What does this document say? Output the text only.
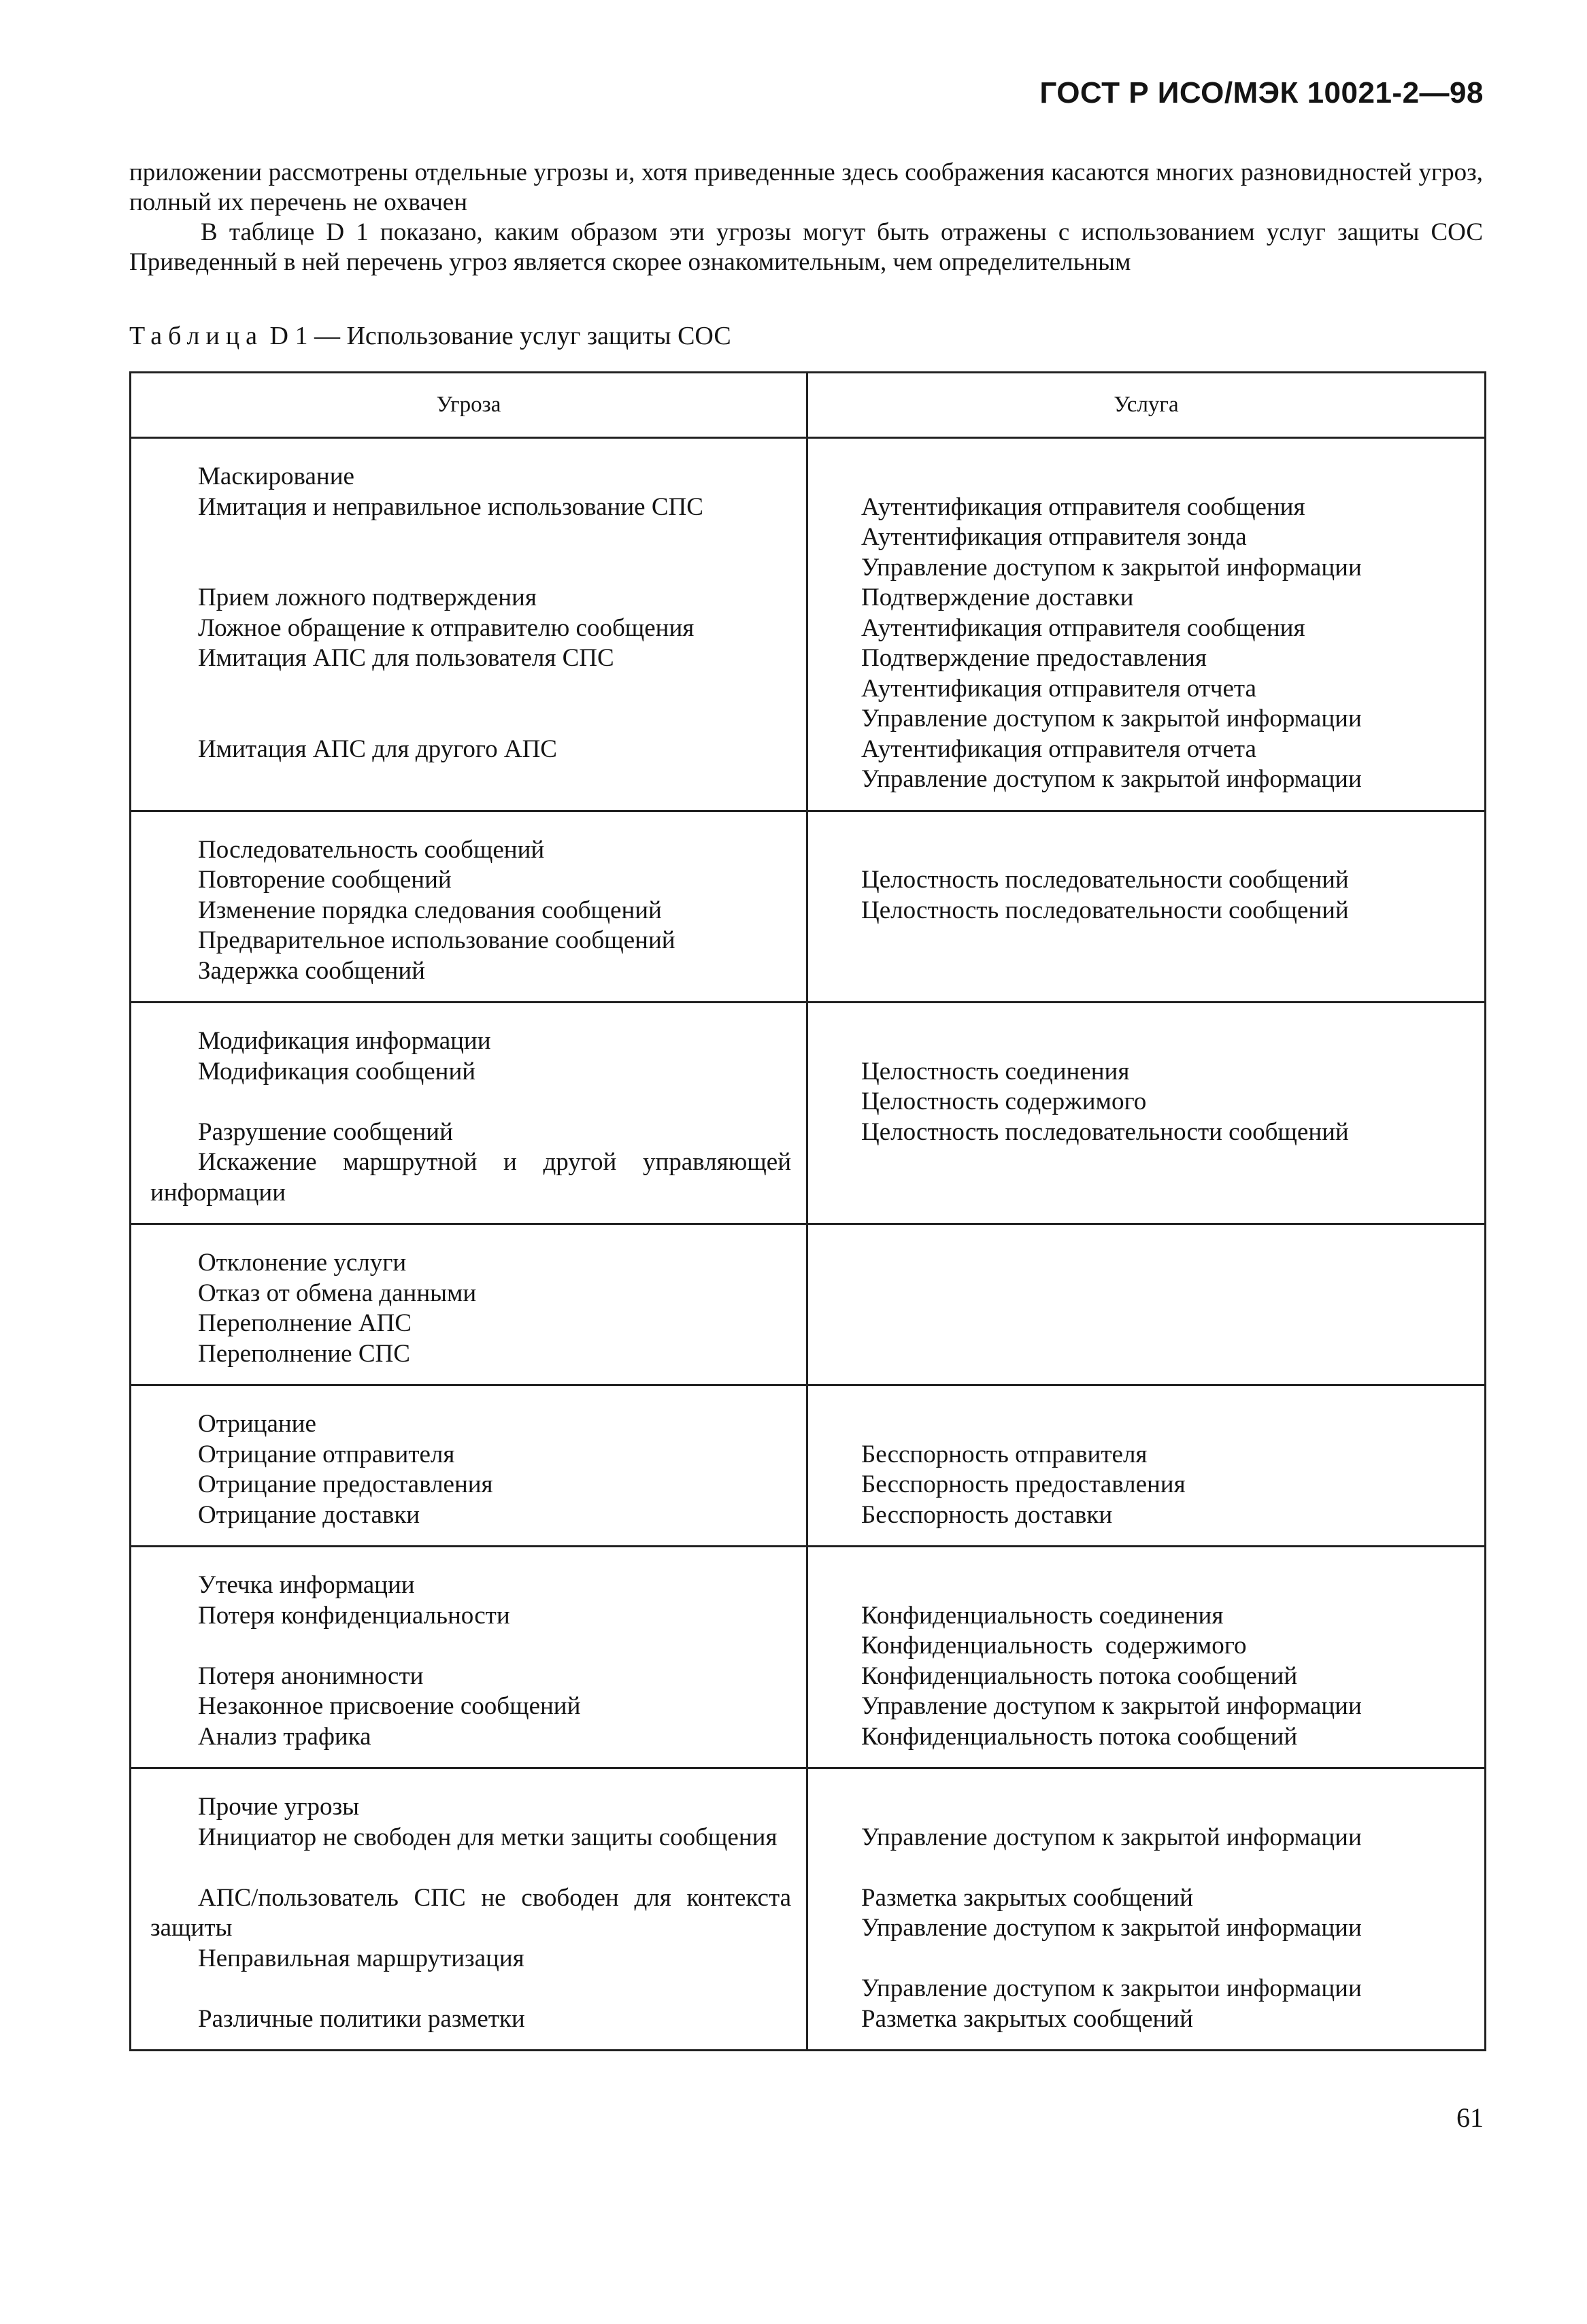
ГОСТ Р ИСО/МЭК 10021-2—98

приложении рассмотрены отдельные угрозы и, хотя приведенные здесь соображения касаются многих разновидностей угроз, полный их перечень не охвачен

В таблице D 1 показано, каким образом эти угрозы могут быть отражены с использованием услуг защиты СОС Приведенный в ней перечень угроз является скорее ознакомительным, чем определительным

Таблица D 1 — Использование услуг защиты СОС
Угроза	Услуга
Маскирование
Имитация и неправильное использование СПС
Прием ложного подтверждения
Ложное обращение к отправителю сообщения
Имитация АПС для пользователя СПС
Имитация АПС для другого АПС
Аутентификация отправителя сообщения
Аутентификация отправителя зонда
Управление доступом к закрытой информации
Подтверждение доставки
Аутентификация отправителя сообщения
Подтверждение предоставления
Аутентификация отправителя отчета
Управление доступом к закрытой информации
Аутентификация отправителя отчета
Управление доступом к закрытой информации
Последовательность сообщений
Повторение сообщений
Изменение порядка следования сообщений
Предварительное использование сообщений
Задержка сообщений
Целостность последовательности сообщений
Целостность последовательности сообщений
Модификация информации
Модификация сообщений
Разрушение сообщений
Искажение маршрутной и другой управляющей информации
Целостность соединения
Целостность содержимого
Целостность последовательности сообщений
Отклонение услуги
Отказ от обмена данными
Переполнение АПС
Переполнение СПС
Отрицание
Отрицание отправителя
Отрицание предоставления
Отрицание доставки
Бесспорность отправителя
Бесспорность предоставления
Бесспорность доставки
Утечка информации
Потеря конфиденциальности
Потеря анонимности
Незаконное присвоение сообщений
Анализ трафика
Конфиденциальность соединения
Конфиденциальность  содержимого
Конфиденциальность потока сообщений
Управление доступом к закрытой информации
Конфиденциальность потока сообщений
Прочие угрозы
Инициатор не свободен для метки защиты сообщения
АПС/пользователь СПС не свободен для контекста защиты
Неправильная маршрутизация
Различные политики разметки
Управление доступом к закрытой информации
Разметка закрытых сообщений
Управление доступом к закрытой информации
Управление доступом к закрытои информации
Разметка закрытых сообщений
61
